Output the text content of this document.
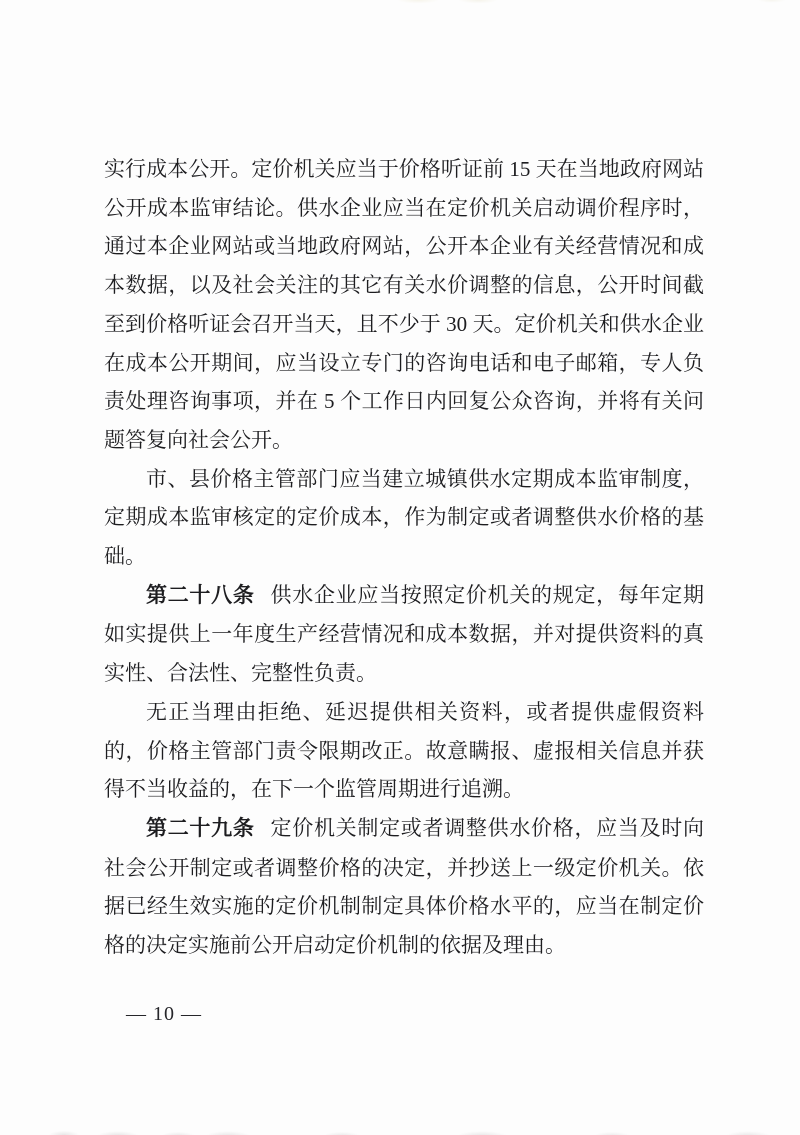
实行成本公开。定价机关应当于价格听证前 15 天在当地政府网站公开成本监审结论。供水企业应当在定价机关启动调价程序时，通过本企业网站或当地政府网站，公开本企业有关经营情况和成本数据，以及社会关注的其它有关水价调整的信息，公开时间截至到价格听证会召开当天，且不少于 30 天。定价机关和供水企业在成本公开期间，应当设立专门的咨询电话和电子邮箱，专人负责处理咨询事项，并在 5 个工作日内回复公众咨询，并将有关问题答复向社会公开。

市、县价格主管部门应当建立城镇供水定期成本监审制度，定期成本监审核定的定价成本，作为制定或者调整供水价格的基础。

第二十八条 供水企业应当按照定价机关的规定，每年定期如实提供上一年度生产经营情况和成本数据，并对提供资料的真实性、合法性、完整性负责。

无正当理由拒绝、延迟提供相关资料，或者提供虚假资料的，价格主管部门责令限期改正。故意瞒报、虚报相关信息并获得不当收益的，在下一个监管周期进行追溯。

第二十九条 定价机关制定或者调整供水价格，应当及时向社会公开制定或者调整价格的决定，并抄送上一级定价机关。依据已经生效实施的定价机制制定具体价格水平的，应当在制定价格的决定实施前公开启动定价机制的依据及理由。

— 10 —
